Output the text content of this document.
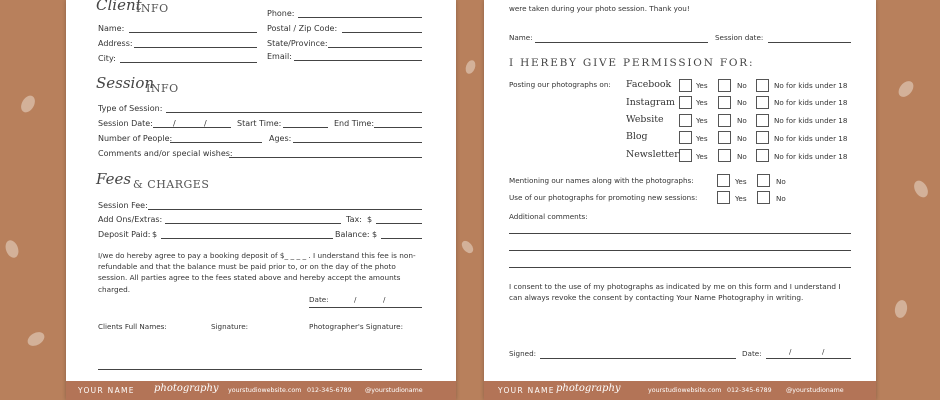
Client
INFO
Name:
Address:
City:
Phone:
Postal / Zip Code:
State/Province:
Email:
Session
INFO
Type of Session:
Session Date:	/	/	Start Time:	End Time:
Number of People:	Ages:
Comments and/or special wishes:
Fees & CHARGES
Session Fee:
Add Ons/Extras:	Tax: $
Deposit Paid: $	Balance: $
I/we do hereby agree to pay a booking deposit of $_ _ _ _ . I understand this fee is non-refundable and that the balance must be paid prior to, or on the day of the photo session. All parties agree to the fees stated above and hereby accept the amounts charged.
Date:	/	/
Clients Full Names:	Signature:	Photographer's Signature:
YOUR NAME photography yourstudiowebsite.com 012-345-6789 @yourstudioname
were taken during your photo session. Thank you!
Name:	Session date:
I HEREBY GIVE PERMISSION FOR:
Posting our photographs on: Facebook	Yes	No	No for kids under 18
Instagram	Yes	No	No for kids under 18
Website	Yes	No	No for kids under 18
Blog	Yes	No	No for kids under 18
Newsletter Yes	No	No for kids under 18
Mentioning our names along with the photographs:	Yes	No
Use of our photographs for promoting new sessions:	Yes	No
Additional comments:
I consent to the use of my photographs as indicated by me on this form and I understand I can always revoke the consent by contacting Your Name Photography in writing.
Signed:	Date:	/	/
YOUR NAME photography	yourstudiowebsite.com 012-345-6789 @yourstudioname
